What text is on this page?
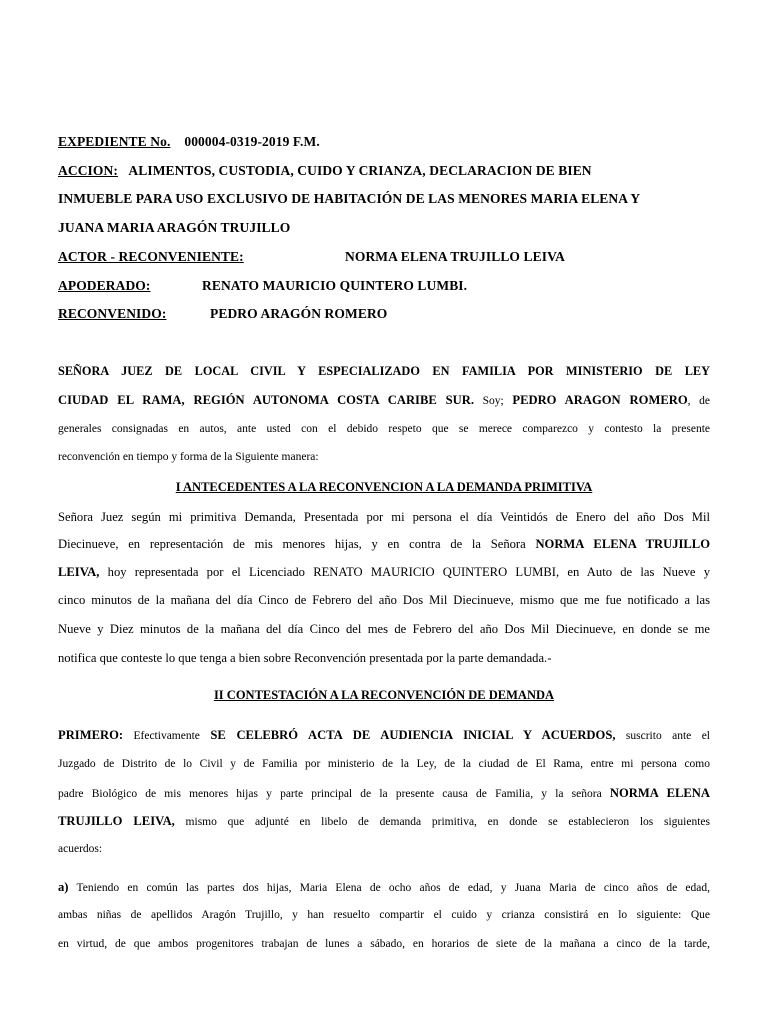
EXPEDIENTE No. 000004-0319-2019 F.M.
ACCION: ALIMENTOS, CUSTODIA, CUIDO Y CRIANZA, DECLARACION DE BIEN
INMUEBLE PARA USO EXCLUSIVO DE HABITACIÓN DE LAS MENORES MARIA ELENA Y
JUANA MARIA ARAGÓN TRUJILLO
ACTOR - RECONVENIENTE:	NORMA ELENA TRUJILLO LEIVA
APODERADO:	RENATO MAURICIO QUINTERO LUMBI.
RECONVENIDO:	PEDRO ARAGÓN ROMERO
SEÑORA JUEZ DE LOCAL CIVIL Y ESPECIALIZADO EN FAMILIA POR MINISTERIO DE LEY
CIUDAD EL RAMA, REGIÓN AUTONOMA COSTA CARIBE SUR. Soy; PEDRO ARAGON ROMERO, de
generales consignadas en autos, ante usted con el debido respeto que se merece comparezco y contesto la presente
reconvención en tiempo y forma de la Siguiente manera:
I ANTECEDENTES A LA RECONVENCION A LA DEMANDA PRIMITIVA
Señora Juez según mi primitiva Demanda, Presentada por mi persona el día Veintidós de Enero del año Dos Mil
Diecinueve, en representación de mis menores hijas, y en contra de la Señora NORMA ELENA TRUJILLO
LEIVA, hoy representada por el Licenciado RENATO MAURICIO QUINTERO LUMBI, en Auto de las Nueve y
cinco minutos de la mañana del día Cinco de Febrero del año Dos Mil Diecinueve, mismo que me fue notificado a las
Nueve y Diez minutos de la mañana del día Cinco del mes de Febrero del año Dos Mil Diecinueve, en donde se me
notifica que conteste lo que tenga a bien sobre Reconvención presentada por la parte demandada.-
II CONTESTACIÓN A LA RECONVENCIÓN DE DEMANDA
PRIMERO: Efectivamente SE CELEBRÓ ACTA DE AUDIENCIA INICIAL Y ACUERDOS, suscrito ante el
Juzgado de Distrito de lo Civil y de Familia por ministerio de la Ley, de la ciudad de El Rama, entre mi persona como
padre Biológico de mis menores hijas y parte principal de la presente causa de Familia, y la señora NORMA ELENA
TRUJILLO LEIVA, mismo que adjunté en libelo de demanda primitiva, en donde se establecieron los siguientes
acuerdos:
a) Teniendo en común las partes dos hijas, Maria Elena de ocho años de edad, y Juana Maria de cinco años de edad,
ambas niñas de apellidos Aragón Trujillo, y han resuelto compartir el cuido y crianza consistirá en lo siguiente: Que
en virtud, de que ambos progenitores trabajan de lunes a sábado, en horarios de siete de la mañana a cinco de la tarde,
